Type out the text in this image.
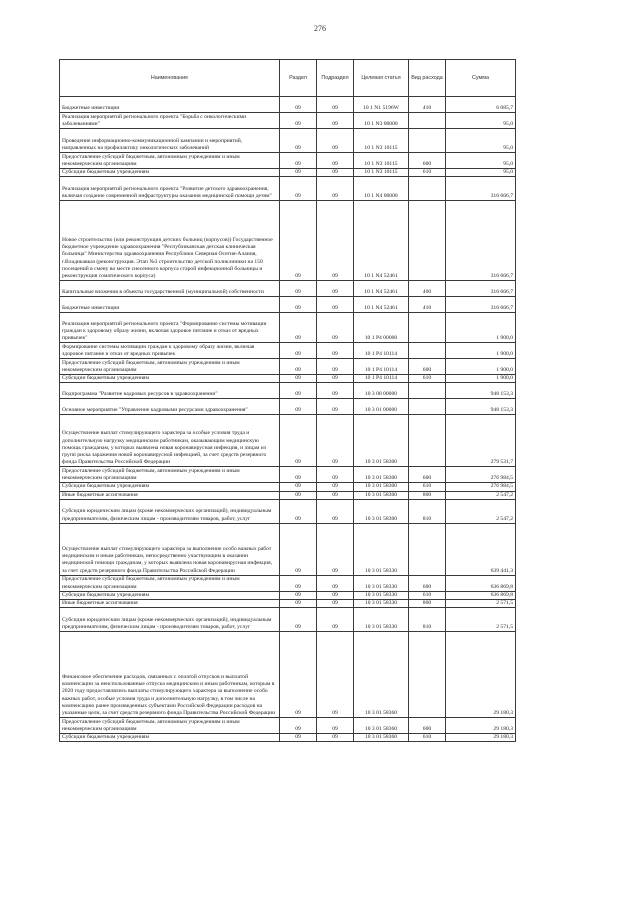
276
Наименование	Раздел	Подраздел	Целевая статья	Вид расхода	Сумма
Бюджетные инвестиции	09	09	10 1 N1 5196W	410	6 085,7
Реализация мероприятий регионального проекта "Борьба с онкологическими заболеваниями"	09	09	10 1 N3 00000		95,0
Проведение информационно-коммуникационной кампании и мероприятий, направленных на профилактику онкологических заболеваний	09	09	10 1 N3 10115		95,0
Предоставление субсидий бюджетным, автономным учреждениям и иным некоммерческим организациям	09	09	10 1 N3 10115	600	95,0
Субсидии бюджетным учреждениям	09	09	10 1 N3 10115	610	95,0
Реализация мероприятий регионального проекта "Развитие детского здравоохранения, включая создание современной инфраструктуры оказания медицинской помощи детям"	09	09	10 1 N4 00000		316 666,7
Новое строительство (или реконструкция детских больниц (корпусов)) Государственное бюджетное учреждение здравоохранения "Республиканская детская клиническая больница" Министерства здравоохранения Республики Северная Осетия-Алания, г.Владикавказ (реконструкция. Этап №3 строительство детской поликлиники на 150 посещений в смену во месте снесенного корпуса старой инфекционной больницы и реконструкция соматического корпуса)	09	09	10 1 N4 52461		316 666,7
Капитальные вложения в объекты государственной (муниципальной) собственности	09	09	10 1 N4 52461	400	316 666,7
Бюджетные инвестиции	09	09	10 1 N4 52461	410	316 666,7
Реализация мероприятий регионального проекта "Формирование системы мотивации граждан к здоровому образу жизни, включая здоровое питание и отказ от вредных привычек"	09	09	10 1 P4 00000		1 900,0
Формирование системы мотивации граждан к здоровому образу жизни, включая здоровое питание и отказ от вредных привычек	09	09	10 1 P4 10114		1 900,0
Предоставление субсидий бюджетным, автономным учреждениям и иным некоммерческим организациям	09	09	10 1 P4 10114	600	1 900,0
Субсидии бюджетным учреждениям	09	09	10 1 P4 10114	610	1 900,0
Подпрограмма "Развитие кадровых ресурсов в здравоохранении"	09	09	10 3 00 00000		948 153,3
Основное мероприятие "Управление кадровыми ресурсами здравоохранения"	09	09	10 3 01 00000		948 153,3
Осуществление выплат стимулирующего характера за особые условия труда и дополнительную нагрузку медицинским работникам, оказывающим медицинскую помощь гражданам, у которых выявлена новая коронавирусная инфекция, и лицам из групп риска заражения новой коронавирусной инфекцией, за счет средств резервного фонда Правительства Российской Федерации	09	09	10 3 01 58300		279 531,7
Предоставление субсидий бюджетным, автономным учреждениям и иным некоммерческим организациям	09	09	10 3 01 58300	600	276 984,5
Субсидии бюджетным учреждениям	09	09	10 3 01 58300	610	276 984,5
Иные бюджетные ассигнования	09	09	10 3 01 58300	800	2 547,2
Субсидии юридическим лицам (кроме некоммерческих организаций), индивидуальным предпринимателям, физическим лицам - производителям товаров, работ, услуг	09	09	10 3 01 58300	810	2 547,2
Осуществление выплат стимулирующего характера за выполнение особо важных работ медицинским и иным работникам, непосредственно участвующим в оказании медицинской помощи гражданам, у которых выявлена новая коронавирусная инфекция, за счет средств резервного фонда Правительства Российской Федерации	09	09	10 3 01 58330		639 441,3
Предоставление субсидий бюджетным, автономным учреждениям и иным некоммерческим организациям	09	09	10 3 01 58330	600	636 869,8
Субсидии бюджетным учреждениям	09	09	10 3 01 58330	610	636 869,8
Иные бюджетные ассигнования	09	09	10 3 01 58330	800	2 571,5
Субсидии юридическим лицам (кроме некоммерческих организаций), индивидуальным предпринимателям, физическим лицам - производителям товаров, работ, услуг	09	09	10 3 01 58330	810	2 571,5
Финансовое обеспечение расходов, связанных с оплатой отпусков и выплатой компенсации за неиспользованные отпуска медицинским и иным работникам, которым в 2020 году предоставлялись выплаты стимулирующего характера за выполнение особо важных работ, особые условия труда и дополнительную нагрузку, в том числе на компенсацию ранее произведенных субъектами Российской Федерации расходов на указанные цели, за счет средств резервного фонда Правительства Российской Федерации	09	09	10 3 01 58360		29 180,3
Предоставление субсидий бюджетным, автономным учреждениям и иным некоммерческим организациям	09	09	10 3 01 58360	600	29 180,3
Субсидии бюджетным учреждениям	09	09	10 3 01 58360	610	29 180,3
